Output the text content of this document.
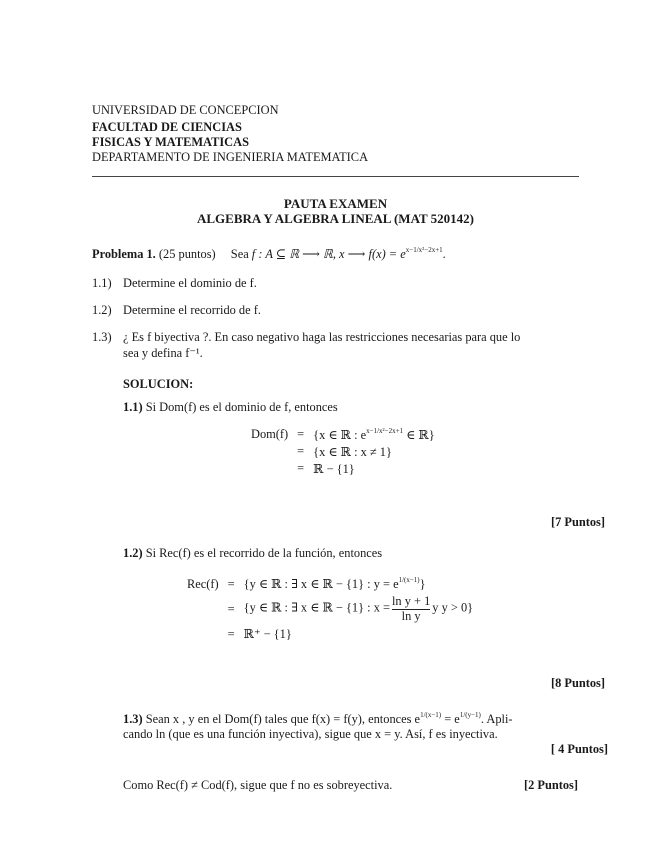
UNIVERSIDAD DE CONCEPCION
FACULTAD DE CIENCIAS
FISICAS Y MATEMATICAS
DEPARTAMENTO DE INGENIERIA MATEMATICA
PAUTA EXAMEN
ALGEBRA Y ALGEBRA LINEAL (MAT 520142)
Problema 1. (25 puntos) Sea f : A ⊆ ℝ ⟶ ℝ, x ⟶ $f(x) = e^{x-1/x^2-2x+1}$.
1.1) Determine el dominio de f.
1.2) Determine el recorrido de f.
1.3) ¿ Es f biyectiva ?. En caso negativo haga las restricciones necesarias para que lo
sea y defina f⁻¹.
SOLUCION:
1.1) Si Dom(f) es el dominio de f, entonces
Dom(f)	=	{x ∈ ℝ : $e^{x-1/x^2-2x+1}$ ∈ ℝ}
	=	{x ∈ ℝ : x ≠ 1}
	=	ℝ − {1}
[7 Puntos]
1.2) Si Rec(f) es el recorrido de la función, entonces
Rec(f)	=	{y ∈ ℝ : ∃ x ∈ ℝ − {1} : $y = e^{1/(x-1)}$}
	=	{y ∈ ℝ : ∃ x ∈ ℝ − {1} : $x = \frac{\text{ln y + 1}}{\text{ln y}}$ y y > 0}
	=	ℝ⁺ − {1}
[8 Puntos]
1.3) Sean x , y en el Dom(f) tales que f(x) = f(y), entonces $e^{1/(x-1)} = e^{1/(y-1)}$. Apli-
cando ln (que es una función inyectiva), sigue que x = y. Así, f es inyectiva.
[ 4 Puntos]
Como Rec(f) ≠ Cod(f), sigue que f no es sobreyectiva.	[2 Puntos]
